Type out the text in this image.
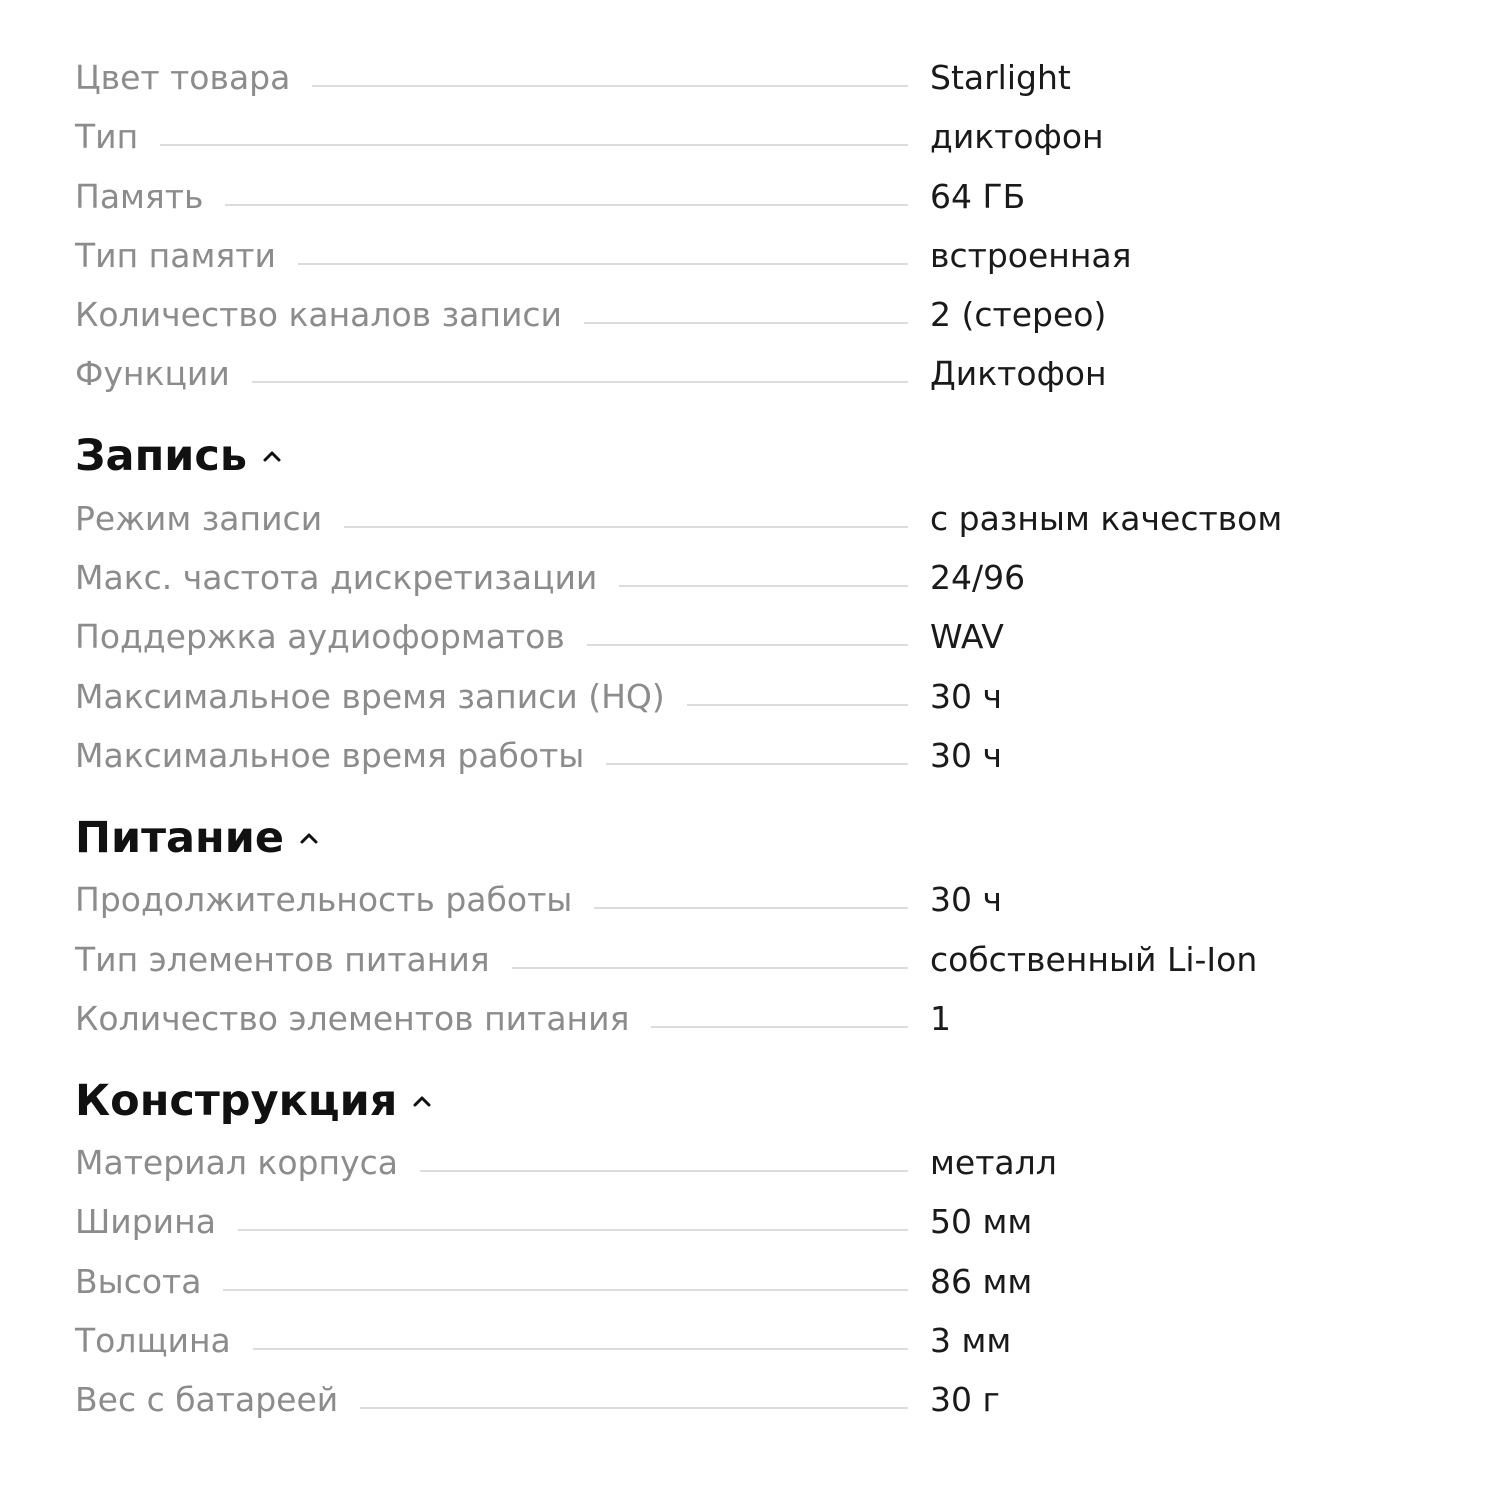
Цвет товара	Starlight
Тип	диктофон
Память	64 ГБ
Тип памяти	встроенная
Количество каналов записи	2 (стерео)
Функции	Диктофон
Запись
Режим записи	с разным качеством
Макс. частота дискретизации	24/96
Поддержка аудиоформатов	WAV
Максимальное время записи (HQ)	30 ч
Максимальное время работы	30 ч
Питание
Продолжительность работы	30 ч
Тип элементов питания	собственный Li-Ion
Количество элементов питания	1
Конструкция
Материал корпуса	металл
Ширина	50 мм
Высота	86 мм
Толщина	3 мм
Вес с батареей	30 г
